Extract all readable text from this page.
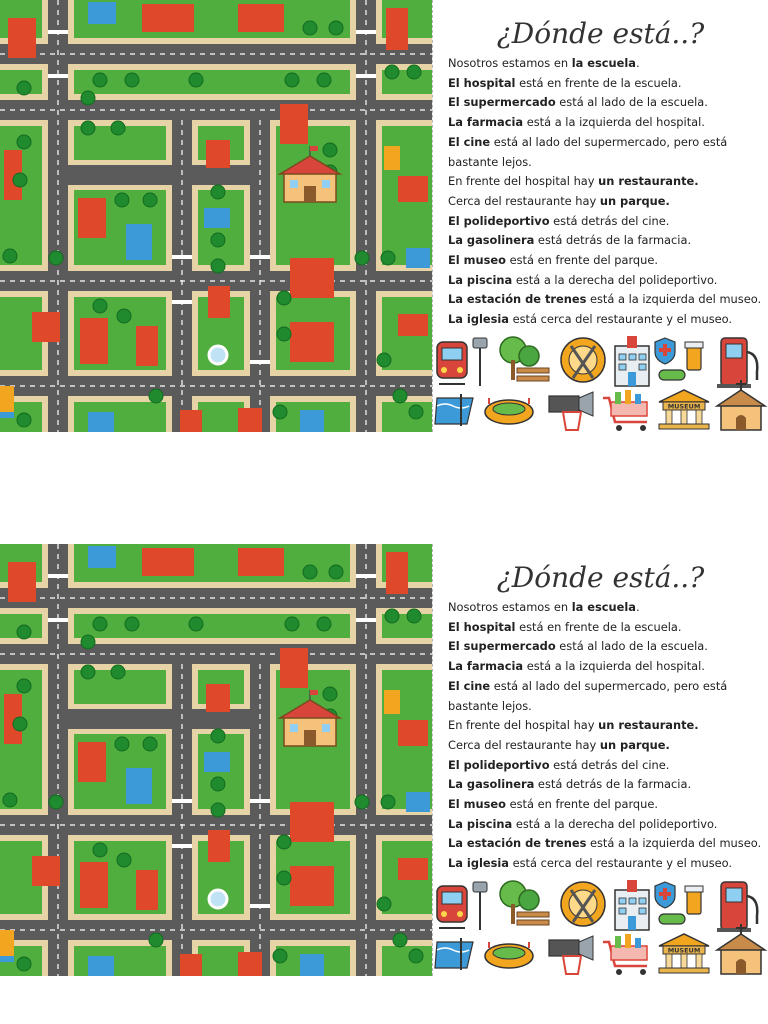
¿Dónde está..?
Nosotros estamos en la escuela.
El hospital está en frente de la escuela.
El supermercado está al lado de la escuela.
La farmacia está a la izquierda del hospital.
El cine está al lado del supermercado, pero está
bastante lejos.
En frente del hospital hay un restaurante.
Cerca del restaurante hay un parque.
El polideportivo está detrás del cine.
La gasolinera está detrás de la farmacia.
El museo está en frente del parque.
La piscina está a la derecha del polideportivo.
La estación de trenes está a la izquierda del museo.
La iglesia está cerca del restaurante y el museo.
MUSEUM
¿Dónde está..?
Nosotros estamos en la escuela.
El hospital está en frente de la escuela.
El supermercado está al lado de la escuela.
La farmacia está a la izquierda del hospital.
El cine está al lado del supermercado, pero está
bastante lejos.
En frente del hospital hay un restaurante.
Cerca del restaurante hay un parque.
El polideportivo está detrás del cine.
La gasolinera está detrás de la farmacia.
El museo está en frente del parque.
La piscina está a la derecha del polideportivo.
La estación de trenes está a la izquierda del museo.
La iglesia está cerca del restaurante y el museo.
MUSEUM
